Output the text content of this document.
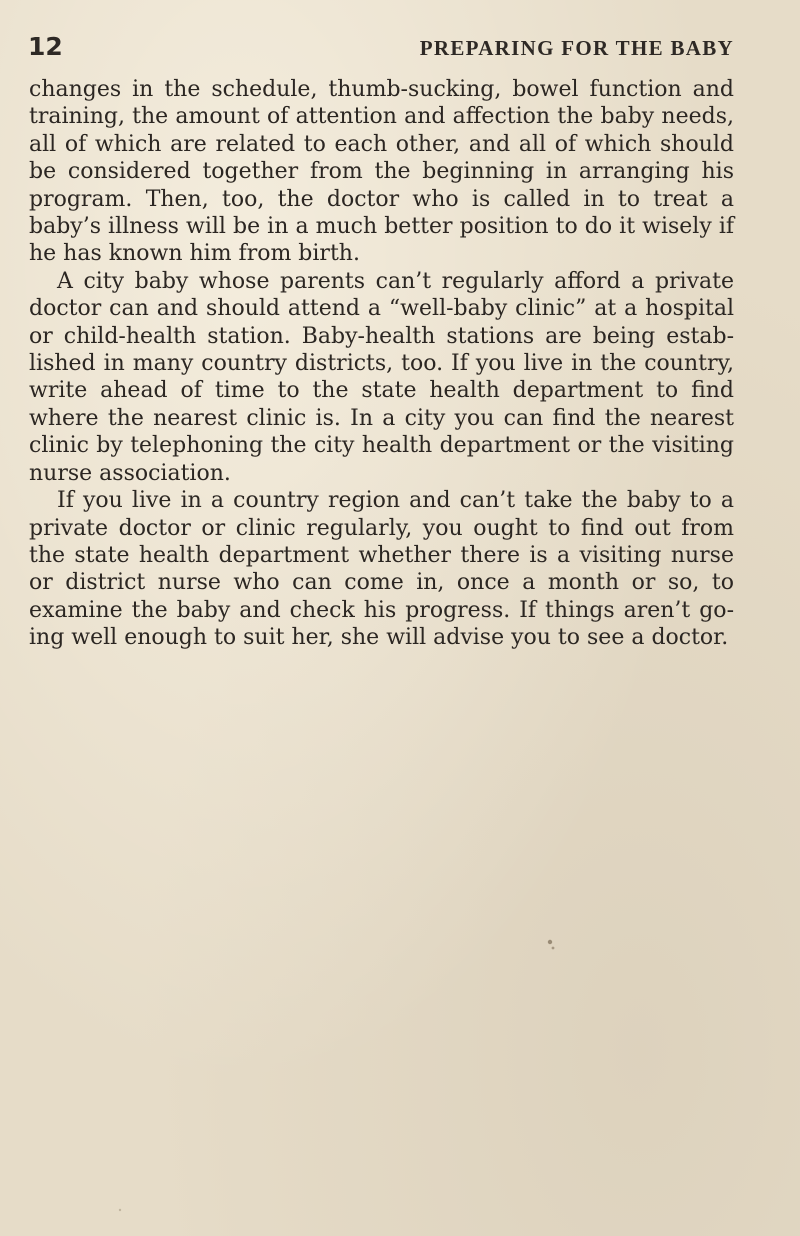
12	PREPARING FOR THE BABY

changes in the schedule, thumb-sucking, bowel function and training, the amount of attention and affection the baby needs, all of which are related to each other, and all of which should be considered together from the beginning in arranging his program. Then, too, the doctor who is called in to treat a baby’s illness will be in a much better position to do it wisely if he has known him from birth.

A city baby whose parents can’t regularly afford a private doctor can and should attend a “well-baby clinic” at a hospital or child-health station. Baby-health stations are being established in many country districts, too. If you live in the country, write ahead of time to the state health department to find where the nearest clinic is. In a city you can find the nearest clinic by telephoning the city health department or the visiting nurse association.

If you live in a country region and can’t take the baby to a private doctor or clinic regularly, you ought to find out from the state health department whether there is a visiting nurse or district nurse who can come in, once a month or so, to examine the baby and check his progress. If things aren’t going well enough to suit her, she will advise you to see a doctor.
